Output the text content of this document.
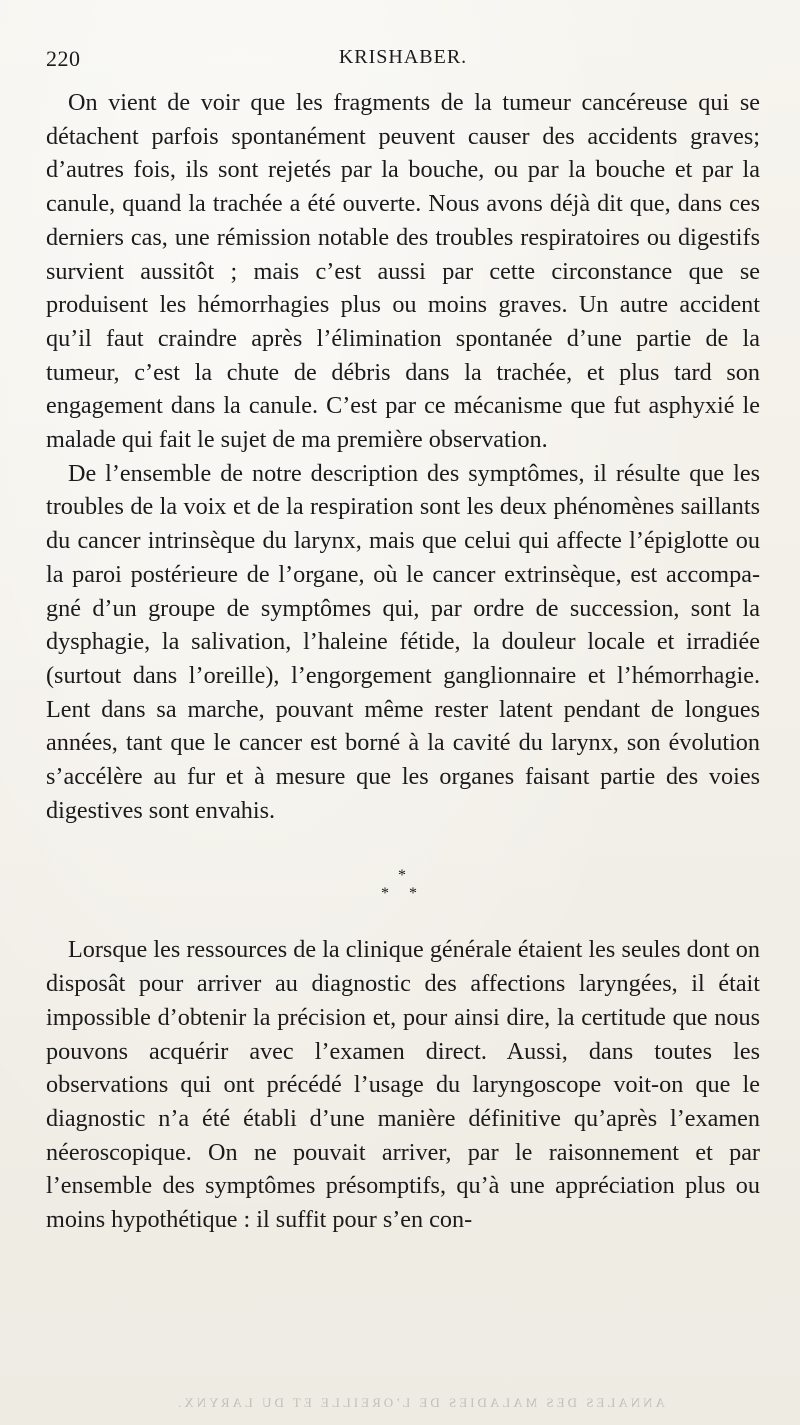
220	KRISHABER.

On vient de voir que les fragments de la tumeur cancéreuse qui se détachent parfois spontanément peuvent causer des accidents graves; d’autres fois, ils sont rejetés par la bouche, ou par la bouche et par la canule, quand la trachée a été ouverte. Nous avons déjà dit que, dans ces derniers cas, une rémission notable des troubles respiratoires ou digestifs survient aussitôt ; mais c’est aussi par cette circonstance que se produisent les hémorrhagies plus ou moins graves. Un autre accident qu’il faut craindre après l’élimination spontanée d’une partie de la tumeur, c’est la chute de débris dans la trachée, et plus tard son engagement dans la canule. C’est par ce mécanisme que fut asphyxié le malade qui fait le sujet de ma première observation.

De l’ensemble de notre description des symptômes, il résulte que les troubles de la voix et de la respiration sont les deux phénomènes saillants du cancer intrinsèque du larynx, mais que celui qui affecte l’épiglotte ou la paroi postérieure de l’organe, où le cancer extrinsèque, est accompagné d’un groupe de symptômes qui, par ordre de succession, sont la dysphagie, la salivation, l’haleine fétide, la douleur locale et irradiée (surtout dans l’oreille), l’engorgement ganglionnaire et l’hémorrhagie. Lent dans sa marche, pouvant même rester latent pendant de longues années, tant que le cancer est borné à la cavité du larynx, son évolution s’accélère au fur et à mesure que les organes faisant partie des voies digestives sont envahis.

*
* *

Lorsque les ressources de la clinique générale étaient les seules dont on disposât pour arriver au diagnostic des affections laryngées, il était impossible d’obtenir la précision et, pour ainsi dire, la certitude que nous pouvons acquérir avec l’examen direct. Aussi, dans toutes les observations qui ont précédé l’usage du laryngoscope voit-on que le diagnostic n’a été établi d’une manière définitive qu’après l’examen néeroscopique. On ne pouvait arriver, par le raisonnement et par l’ensemble des symptômes présomptifs, qu’à une appréciation plus ou moins hypothétique : il suffit pour s’en con-

ANNALES DES MALADIES DE L’OREILLE ET DU LARYNX.
